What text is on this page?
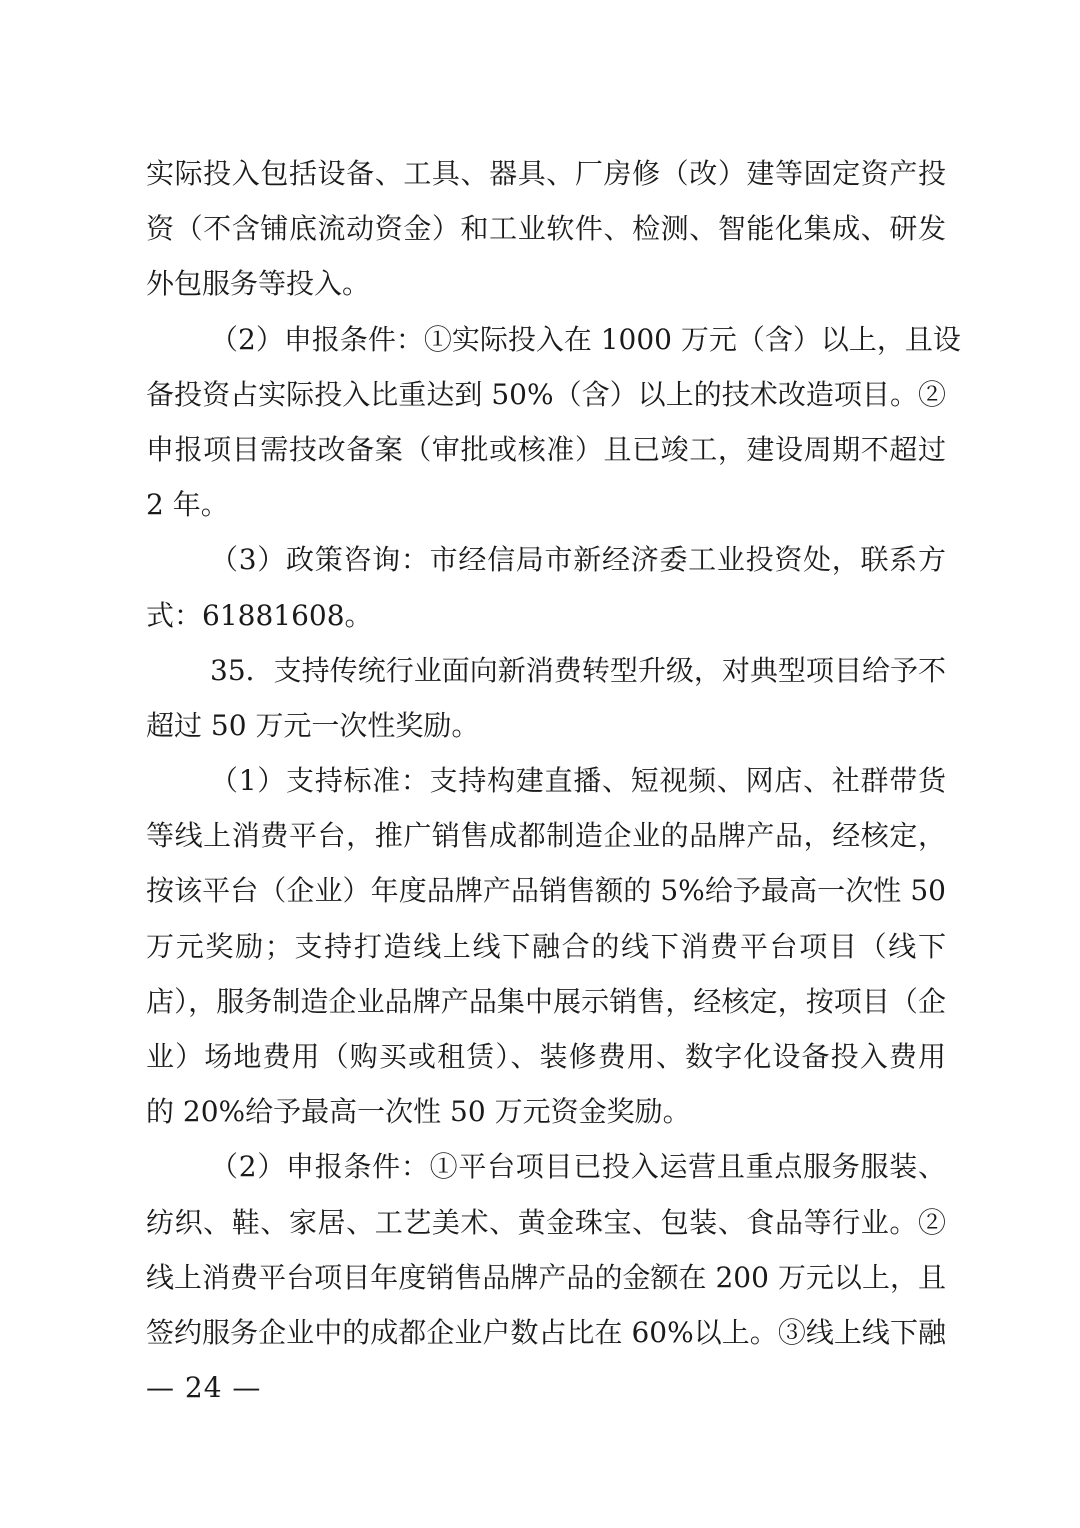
实际投入包括设备、工具、器具、厂房修（改）建等固定资产投
资（不含铺底流动资金）和工业软件、检测、智能化集成、研发
外包服务等投入。
（2）申报条件：①实际投入在 1000 万元（含）以上，且设
备投资占实际投入比重达到 50%（含）以上的技术改造项目。②
申报项目需技改备案（审批或核准）且已竣工，建设周期不超过
2 年。
（3）政策咨询：市经信局市新经济委工业投资处，联系方
式：61881608。
35．支持传统行业面向新消费转型升级，对典型项目给予不
超过 50 万元一次性奖励。
（1）支持标准：支持构建直播、短视频、网店、社群带货
等线上消费平台，推广销售成都制造企业的品牌产品，经核定，
按该平台（企业）年度品牌产品销售额的 5%给予最高一次性 50
万元奖励；支持打造线上线下融合的线下消费平台项目（线下
店），服务制造企业品牌产品集中展示销售，经核定，按项目（企
业）场地费用（购买或租赁）、装修费用、数字化设备投入费用
的 20%给予最高一次性 50 万元资金奖励。
（2）申报条件：①平台项目已投入运营且重点服务服装、
纺织、鞋、家居、工艺美术、黄金珠宝、包装、食品等行业。②
线上消费平台项目年度销售品牌产品的金额在 200 万元以上，且
签约服务企业中的成都企业户数占比在 60%以上。③线上线下融
— 24 —
